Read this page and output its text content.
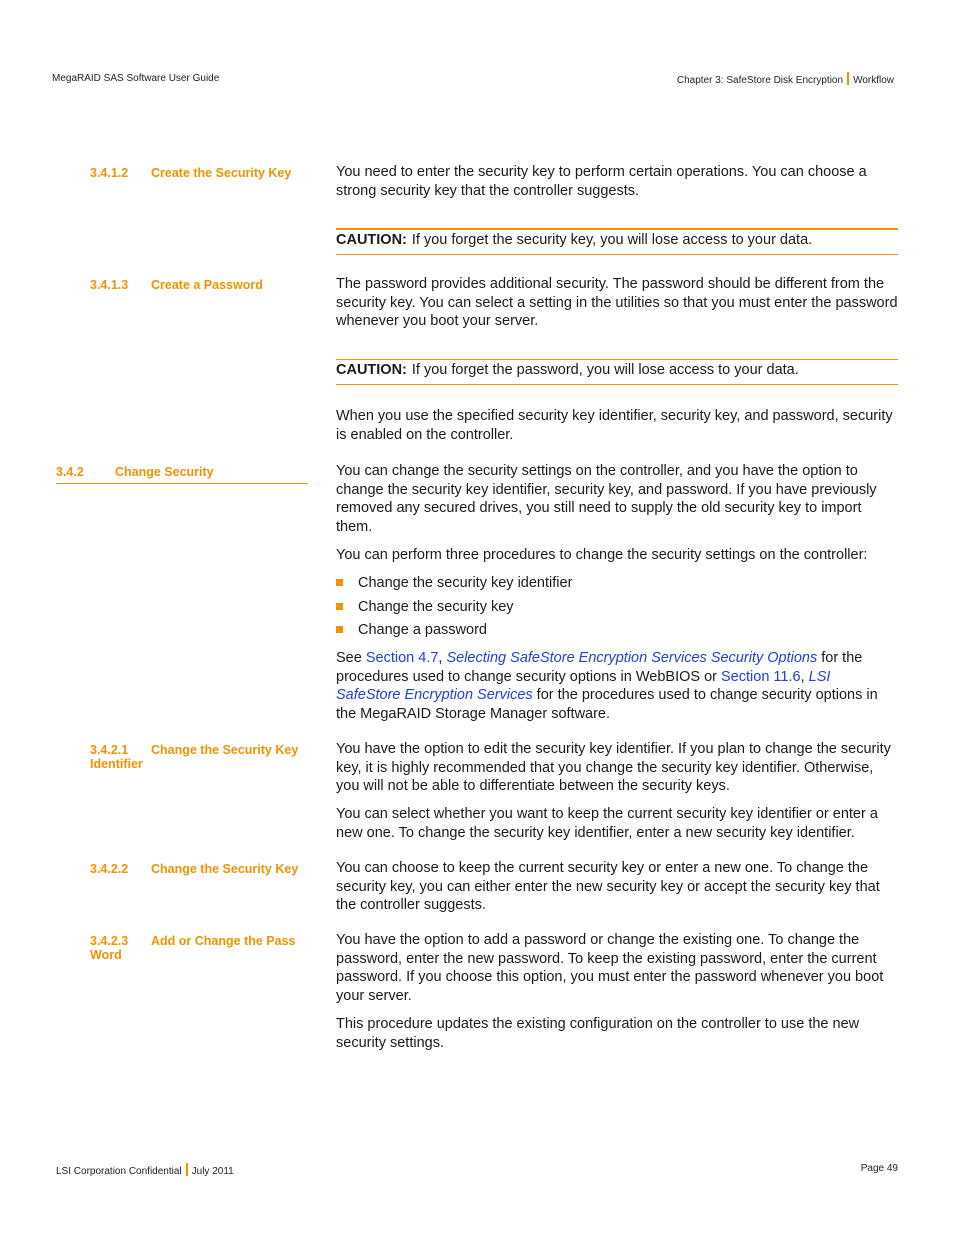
MegaRAID SAS Software User Guide	Chapter 3: SafeStore Disk Encryption Workflow
3.4.1.2 Create the Security Key	You need to enter the security key to perform certain operations. You can choose a strong security key that the controller suggests.

CAUTION: If you forget the security key, you will lose access to your data.
3.4.1.3 Create a Password	The password provides additional security. The password should be different from the security key. You can select a setting in the utilities so that you must enter the password whenever you boot your server.

CAUTION: If you forget the password, you will lose access to your data.

When you use the specified security key identifier, security key, and password, security is enabled on the controller.

3.4.2 Change Security	You can change the security settings on the controller, and you have the option to change the security key identifier, security key, and password. If you have previously removed any secured drives, you still need to supply the old security key to import them.

You can perform three procedures to change the security settings on the controller:

Change the security key identifier
Change the security key
Change a password

See Section 4.7, Selecting SafeStore Encryption Services Security Options for the procedures used to change security options in WebBIOS or Section 11.6, LSI SafeStore Encryption Services for the procedures used to change security options in the MegaRAID Storage Manager software.

3.4.2.1 Change the Security Key
Identifier

You have the option to edit the security key identifier. If you plan to change the security key, it is highly recommended that you change the security key identifier. Otherwise, you will not be able to differentiate between the security keys.

You can select whether you want to keep the current security key identifier or enter a new one. To change the security key identifier, enter a new security key identifier.

3.4.2.2 Change the Security Key	You can choose to keep the current security key or enter a new one. To change the security key, you can either enter the new security key or accept the security key that the controller suggests.

3.4.2.3 Add or Change the Pass
Word

You have the option to add a password or change the existing one. To change the password, enter the new password. To keep the existing password, enter the current password. If you choose this option, you must enter the password whenever you boot your server.

This procedure updates the existing configuration on the controller to use the new security settings.

LSI Corporation Confidential July 2011	Page 49
